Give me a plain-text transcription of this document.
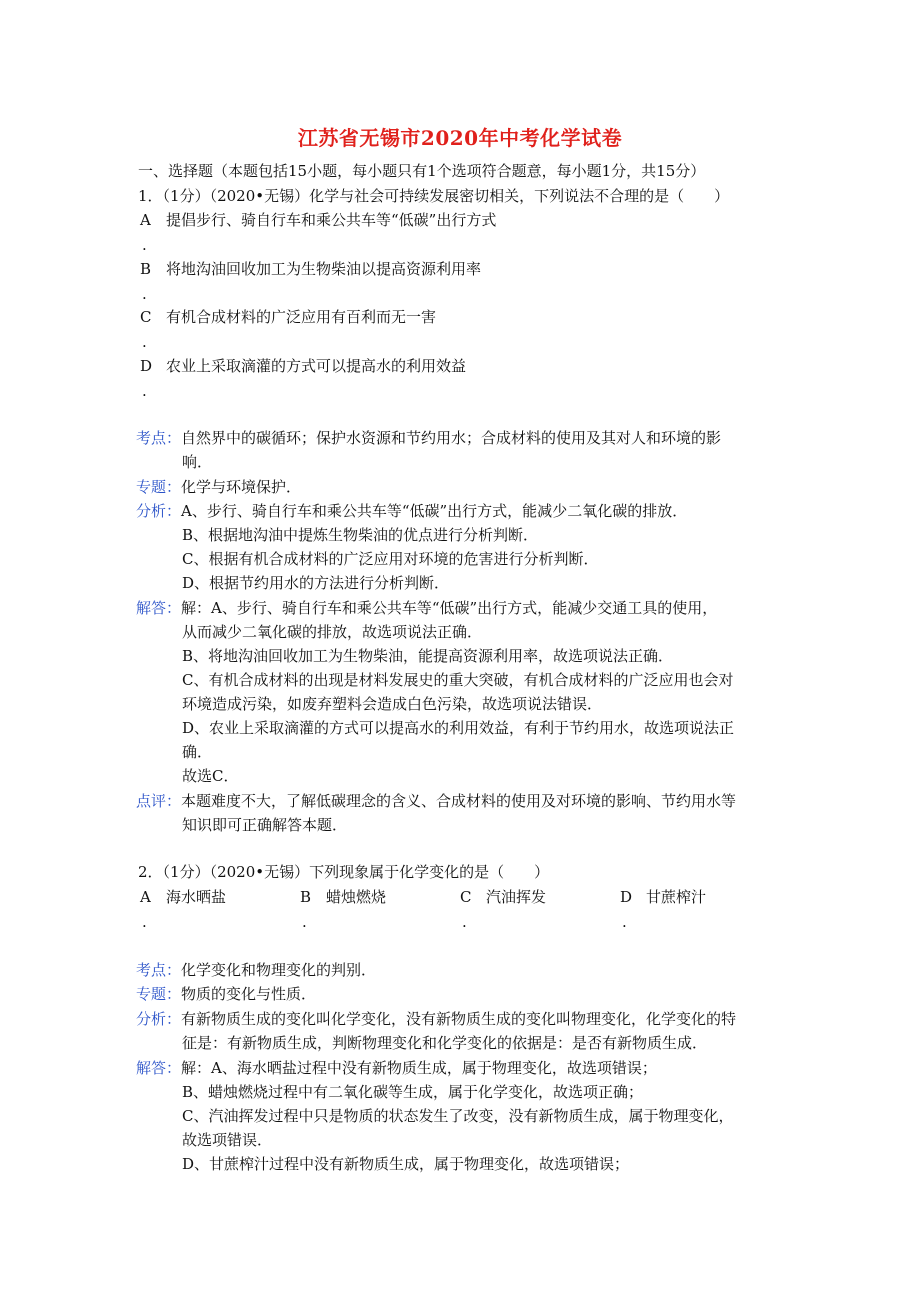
江苏省无锡市2020年中考化学试卷
一、选择题（本题包括15小题，每小题只有1个选项符合题意，每小题1分，共15分）
1．（1分）（2020•无锡）化学与社会可持续发展密切相关，下列说法不合理的是（　　）
A 提倡步行、骑自行车和乘公共车等“低碳”出行方式
.
B 将地沟油回收加工为生物柴油以提高资源利用率
.
C 有机合成材料的广泛应用有百利而无一害
.
D 农业上采取滴灌的方式可以提高水的利用效益
.
考点：自然界中的碳循环；保护水资源和节约用水；合成材料的使用及其对人和环境的影
响．
专题：化学与环境保护．
分析：A、步行、骑自行车和乘公共车等“低碳”出行方式，能减少二氧化碳的排放．
B、根据地沟油中提炼生物柴油的优点进行分析判断．
C、根据有机合成材料的广泛应用对环境的危害进行分析判断．
D、根据节约用水的方法进行分析判断．
解答：解：A、步行、骑自行车和乘公共车等“低碳”出行方式，能减少交通工具的使用，
从而减少二氧化碳的排放，故选项说法正确．
B、将地沟油回收加工为生物柴油，能提高资源利用率，故选项说法正确．
C、有机合成材料的出现是材料发展史的重大突破，有机合成材料的广泛应用也会对
环境造成污染，如废弃塑料会造成白色污染，故选项说法错误．
D、农业上采取滴灌的方式可以提高水的利用效益，有利于节约用水，故选项说法正
确．
故选C．
点评：本题难度不大，了解低碳理念的含义、合成材料的使用及对环境的影响、节约用水等
知识即可正确解答本题．
2．（1分）（2020•无锡）下列现象属于化学变化的是（　　）
A 海水晒盐	B 蜡烛燃烧	C 汽油挥发	D 甘蔗榨汁
.	.	.	.
考点：化学变化和物理变化的判别．
专题：物质的变化与性质．
分析：有新物质生成的变化叫化学变化，没有新物质生成的变化叫物理变化，化学变化的特
征是：有新物质生成，判断物理变化和化学变化的依据是：是否有新物质生成．
解答：解：A、海水晒盐过程中没有新物质生成，属于物理变化，故选项错误；
B、蜡烛燃烧过程中有二氧化碳等生成，属于化学变化，故选项正确；
C、汽油挥发过程中只是物质的状态发生了改变，没有新物质生成，属于物理变化，
故选项错误．
D、甘蔗榨汁过程中没有新物质生成，属于物理变化，故选项错误；
